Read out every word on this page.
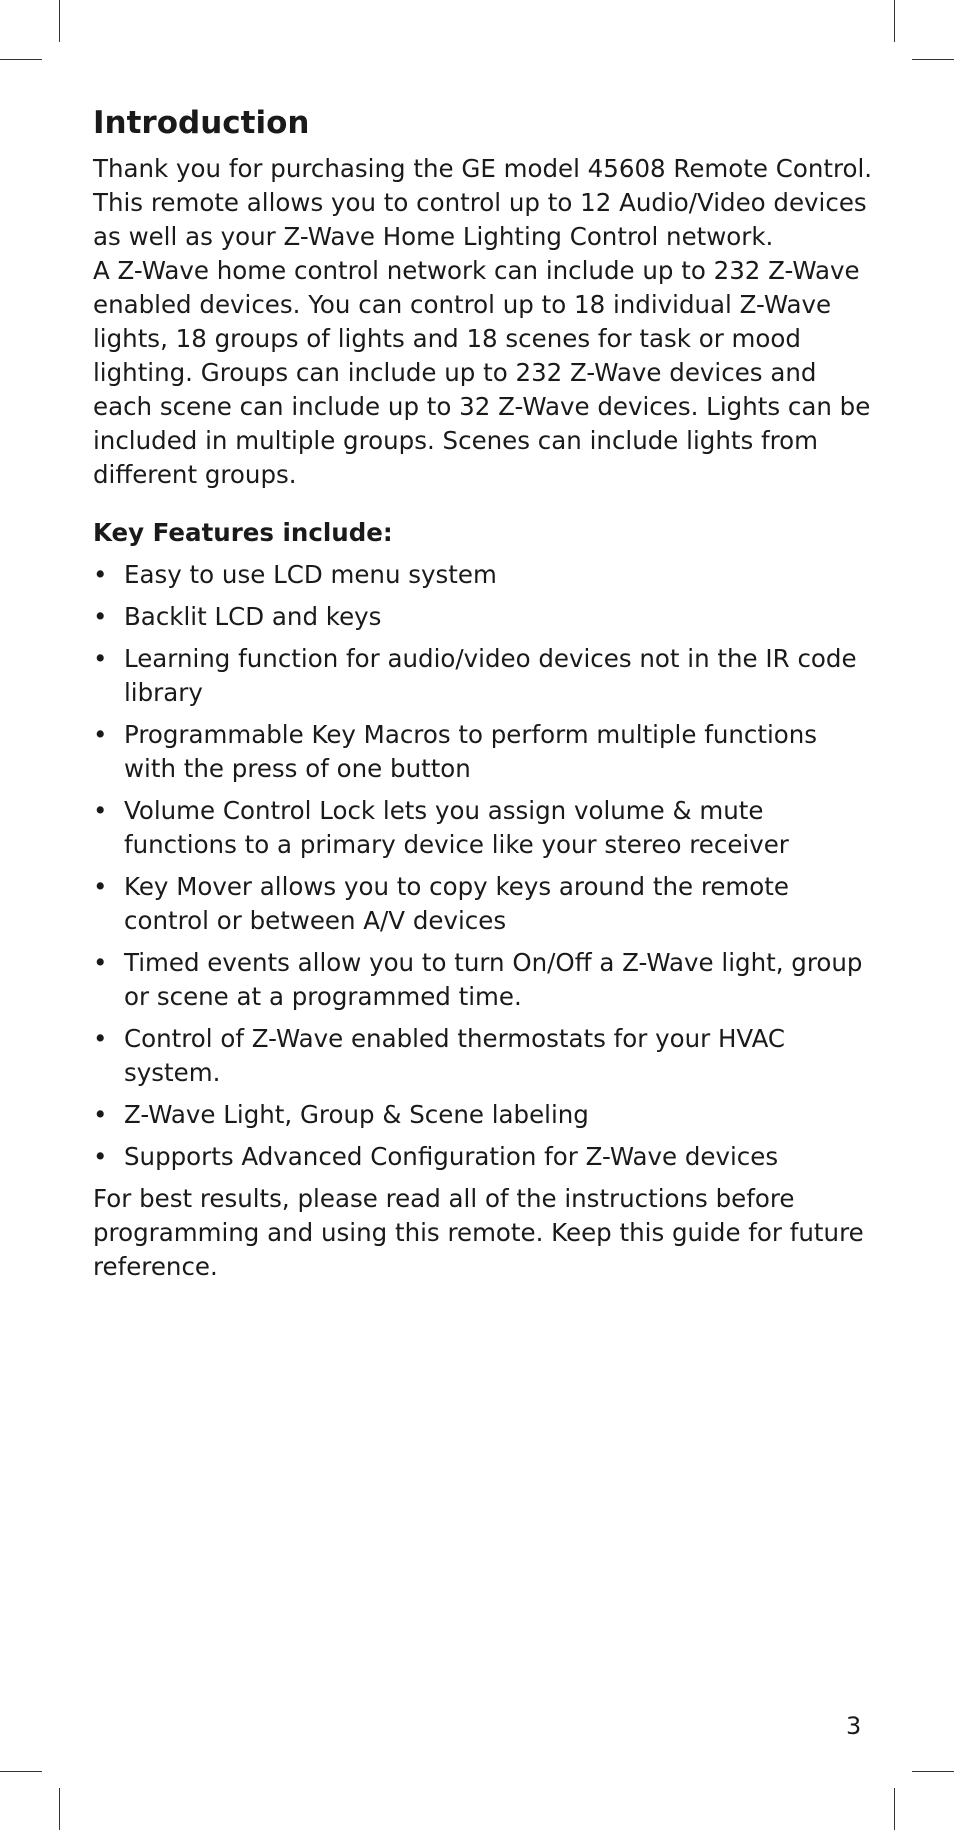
Introduction

Thank you for purchasing the GE model 45608 Remote Control. This remote allows you to control up to 12 Audio/Video devices as well as your Z-Wave Home Lighting Control network.

A Z-Wave home control network can include up to 232 Z-Wave enabled devices. You can control up to 18 individual Z-Wave lights, 18 groups of lights and 18 scenes for task or mood lighting. Groups can include up to 232 Z-Wave devices and each scene can include up to 32 Z-Wave devices. Lights can be included in multiple groups. Scenes can include lights from different groups.

Key Features include:
• Easy to use LCD menu system
• Backlit LCD and keys
• Learning function for audio/video devices not in the IR code library
• Programmable Key Macros to perform multiple functions with the press of one button
• Volume Control Lock lets you assign volume & mute functions to a primary device like your stereo receiver
• Key Mover allows you to copy keys around the remote control or between A/V devices
• Timed events allow you to turn On/Off a Z-Wave light, group or scene at a programmed time.
• Control of Z-Wave enabled thermostats for your HVAC system.
• Z-Wave Light, Group & Scene labeling
• Supports Advanced Configuration for Z-Wave devices

For best results, please read all of the instructions before programming and using this remote. Keep this guide for future reference.

3
